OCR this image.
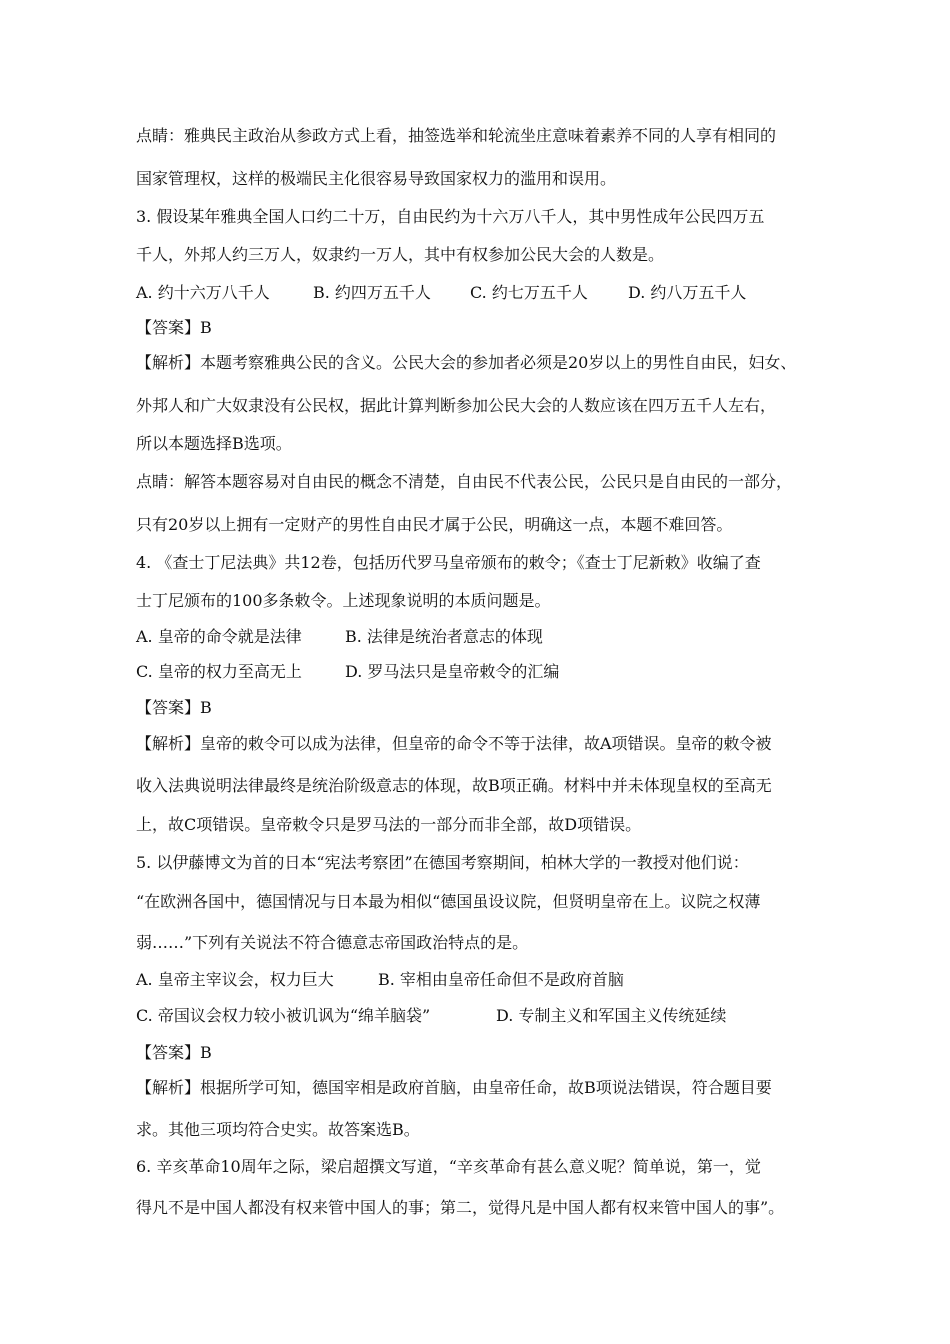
点睛：雅典民主政治从参政方式上看，抽签选举和轮流坐庄意味着素养不同的人享有相同的
国家管理权，这样的极端民主化很容易导致国家权力的滥用和误用。
3. 假设某年雅典全国人口约二十万，自由民约为十六万八千人，其中男性成年公民四万五
千人，外邦人约三万人，奴隶约一万人，其中有权参加公民大会的人数是。
A. 约十六万八千人	B. 约四万五千人 C. 约七万五千人	D. 约八万五千人
【答案】B
【解析】本题考察雅典公民的含义。公民大会的参加者必须是20岁以上的男性自由民，妇女、
外邦人和广大奴隶没有公民权，据此计算判断参加公民大会的人数应该在四万五千人左右，
所以本题选择B选项。
点睛：解答本题容易对自由民的概念不清楚，自由民不代表公民，公民只是自由民的一部分，
只有20岁以上拥有一定财产的男性自由民才属于公民，明确这一点，本题不难回答。
4. 《查士丁尼法典》共12卷，包括历代罗马皇帝颁布的敕令；《查士丁尼新敕》收编了查
士丁尼颁布的100多条敕令。上述现象说明的本质问题是。
A. 皇帝的命令就是法律	B. 法律是统治者意志的体现
C. 皇帝的权力至高无上	D. 罗马法只是皇帝敕令的汇编
【答案】B
【解析】皇帝的敕令可以成为法律，但皇帝的命令不等于法律，故A项错误。皇帝的敕令被
收入法典说明法律最终是统治阶级意志的体现，故B项正确。材料中并未体现皇权的至高无
上，故C项错误。皇帝敕令只是罗马法的一部分而非全部，故D项错误。
5. 以伊藤博文为首的日本“宪法考察团”在德国考察期间，柏林大学的一教授对他们说：
“在欧洲各国中，德国情况与日本最为相似“德国虽设议院，但贤明皇帝在上。议院之权薄
弱……”下列有关说法不符合德意志帝国政治特点的是。
A. 皇帝主宰议会，权力巨大	B. 宰相由皇帝任命但不是政府首脑
C. 帝国议会权力较小被讥讽为“绵羊脑袋”	D. 专制主义和军国主义传统延续
【答案】B
【解析】根据所学可知，德国宰相是政府首脑，由皇帝任命，故B项说法错误，符合题目要
求。其他三项均符合史实。故答案选B。
6. 辛亥革命10周年之际，梁启超撰文写道，“辛亥革命有甚么意义呢？简单说，第一，觉
得凡不是中国人都没有权来管中国人的事；第二，觉得凡是中国人都有权来管中国人的事”。
